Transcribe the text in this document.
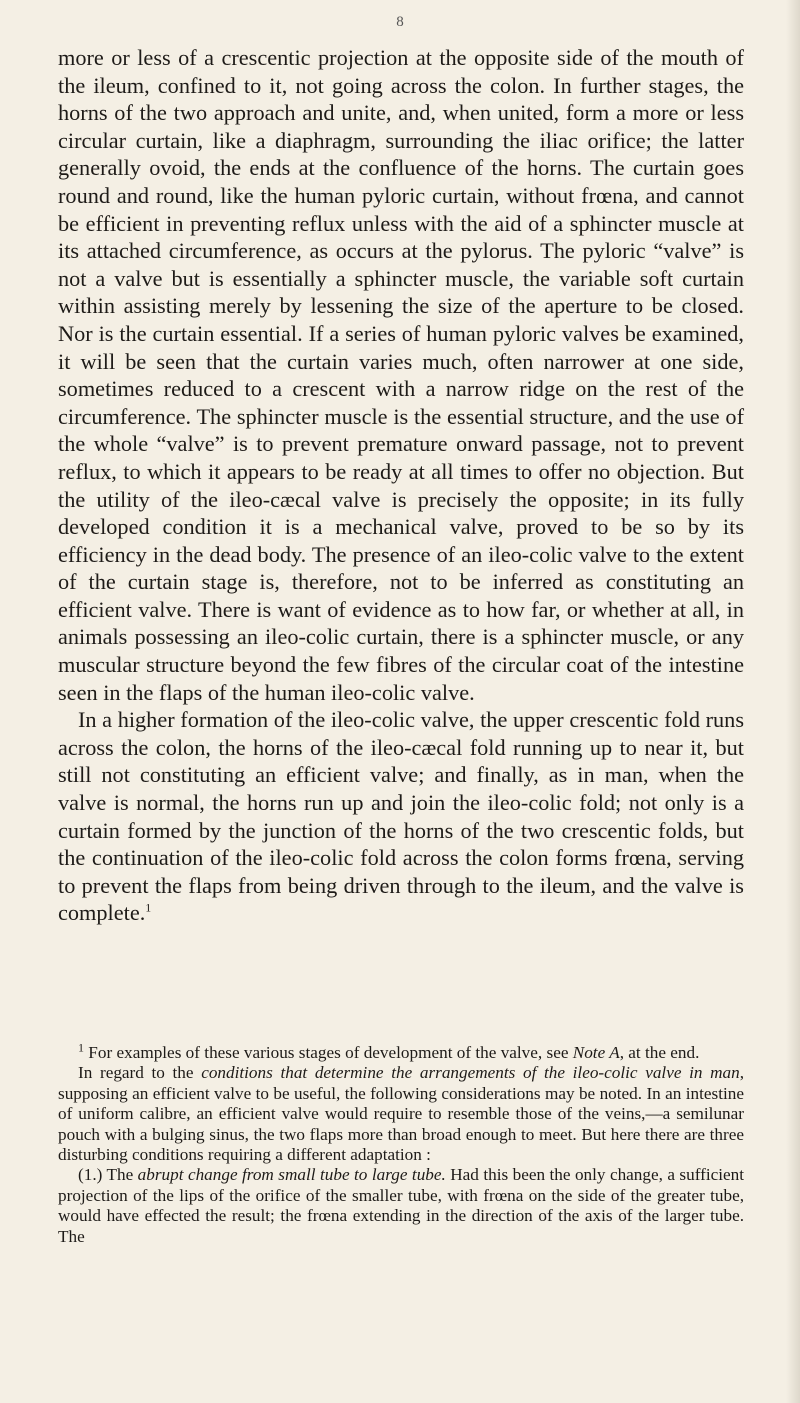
8

more or less of a crescentic projection at the opposite side of the mouth of the ileum, confined to it, not going across the colon. In further stages, the horns of the two approach and unite, and, when united, form a more or less circular curtain, like a diaphragm, surrounding the iliac orifice; the latter generally ovoid, the ends at the confluence of the horns. The curtain goes round and round, like the human pyloric curtain, without frœna, and cannot be efficient in preventing reflux unless with the aid of a sphincter muscle at its attached circumference, as occurs at the pylorus. The pyloric “valve” is not a valve but is essentially a sphincter muscle, the variable soft curtain within assisting merely by lessening the size of the aperture to be closed. Nor is the curtain essential. If a series of human pyloric valves be examined, it will be seen that the curtain varies much, often narrower at one side, sometimes reduced to a crescent with a narrow ridge on the rest of the circumference. The sphincter muscle is the essential structure, and the use of the whole “valve” is to prevent premature onward passage, not to prevent reflux, to which it appears to be ready at all times to offer no objection. But the utility of the ileo-cæcal valve is precisely the opposite; in its fully developed condition it is a mechanical valve, proved to be so by its efficiency in the dead body. The presence of an ileo-colic valve to the extent of the curtain stage is, therefore, not to be inferred as constituting an efficient valve. There is want of evidence as to how far, or whether at all, in animals possessing an ileo-colic curtain, there is a sphincter muscle, or any muscular structure beyond the few fibres of the circular coat of the intestine seen in the flaps of the human ileo-colic valve.

In a higher formation of the ileo-colic valve, the upper crescentic fold runs across the colon, the horns of the ileo-cæcal fold running up to near it, but still not constituting an efficient valve; and finally, as in man, when the valve is normal, the horns run up and join the ileo-colic fold; not only is a curtain formed by the junction of the horns of the two crescentic folds, but the continuation of the ileo-colic fold across the colon forms frœna, serving to prevent the flaps from being driven through to the ileum, and the valve is complete.$^1$

$^1$ For examples of these various stages of development of the valve, see Note A, at the end.

In regard to the conditions that determine the arrangements of the ileo-colic valve in man, supposing an efficient valve to be useful, the following considerations may be noted. In an intestine of uniform calibre, an efficient valve would require to resemble those of the veins,—a semilunar pouch with a bulging sinus, the two flaps more than broad enough to meet. But here there are three disturbing conditions requiring a different adaptation :

(1.) The abrupt change from small tube to large tube. Had this been the only change, a sufficient projection of the lips of the orifice of the smaller tube, with frœna on the side of the greater tube, would have effected the result; the frœna extending in the direction of the axis of the larger tube. The
